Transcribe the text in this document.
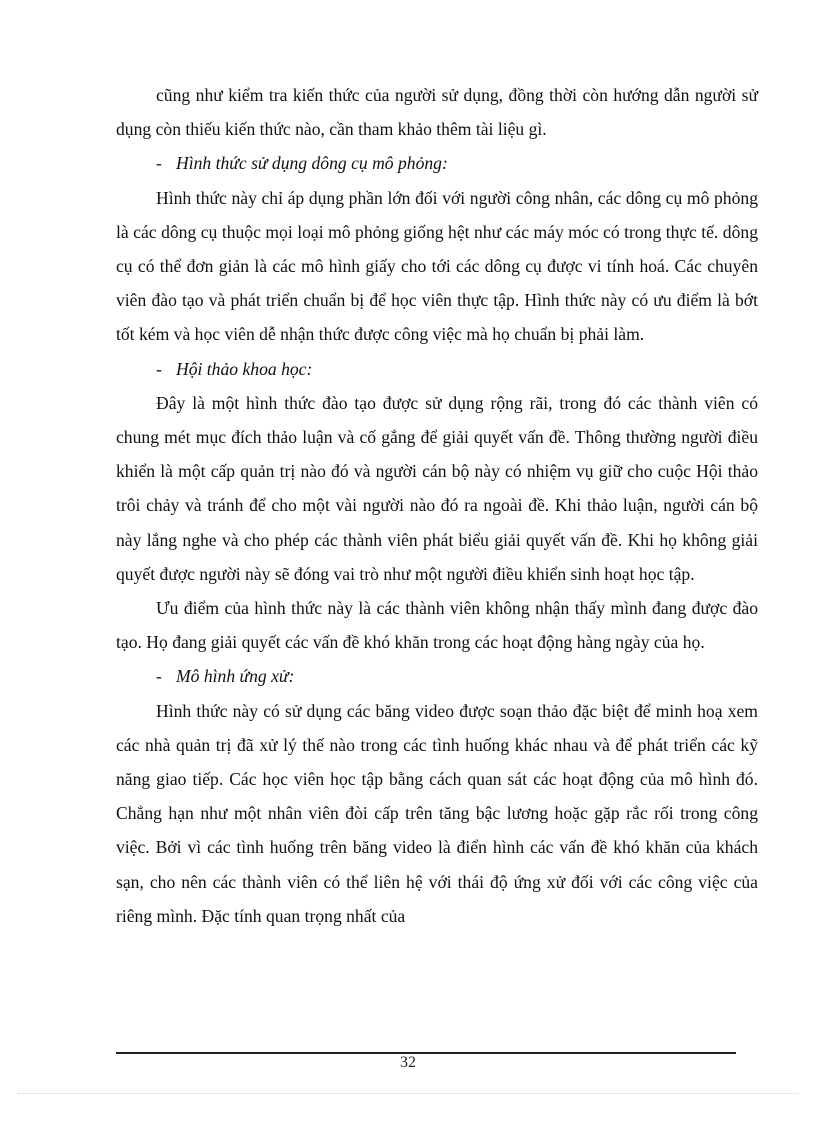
cũng như kiểm tra kiến thức của người sử dụng, đồng thời còn hướng dẫn người sử dụng còn thiếu kiến thức nào, cần tham khảo thêm tài liệu gì.

- Hình thức sử dụng dông cụ mô phỏng:

Hình thức này chỉ áp dụng phần lớn đối với người công nhân, các dông cụ mô phỏng là các dông cụ thuộc mọi loại mô phỏng giống hệt như các máy móc có trong thực tế. dông cụ có thể đơn giản là các mô hình giấy cho tới các dông cụ được vi tính hoá. Các chuyên viên đào tạo và phát triển chuẩn bị để học viên thực tập. Hình thức này có ưu điểm là bớt tốt kém và học viên dễ nhận thức được công việc mà họ chuẩn bị phải làm.

- Hội thảo khoa học:

Đây là một hình thức đào tạo được sử dụng rộng rãi, trong đó các thành viên có chung mét mục đích thảo luận và cố gắng để giải quyết vấn đề. Thông thường người điều khiển là một cấp quản trị nào đó và người cán bộ này có nhiệm vụ giữ cho cuộc Hội thảo trôi chảy và tránh để cho một vài người nào đó ra ngoài đề. Khi thảo luận, người cán bộ này lắng nghe và cho phép các thành viên phát biểu giải quyết vấn đề. Khi họ không giải quyết được người này sẽ đóng vai trò như một người điều khiển sinh hoạt học tập.

Ưu điểm của hình thức này là các thành viên không nhận thấy mình đang được đào tạo. Họ đang giải quyết các vấn đề khó khăn trong các hoạt động hàng ngày của họ.

- Mô hình ứng xử:

Hình thức này có sử dụng các băng video được soạn thảo đặc biệt để minh hoạ xem các nhà quản trị đã xử lý thế nào trong các tình huống khác nhau và để phát triển các kỹ năng giao tiếp. Các học viên học tập bằng cách quan sát các hoạt động của mô hình đó. Chẳng hạn như một nhân viên đòi cấp trên tăng bậc lương hoặc gặp rắc rối trong công việc. Bởi vì các tình huống trên băng video là điển hình các vấn đề khó khăn của khách sạn, cho nên các thành viên có thể liên hệ với thái độ ứng xử đối với các công việc của riêng mình. Đặc tính quan trọng nhất của

32
